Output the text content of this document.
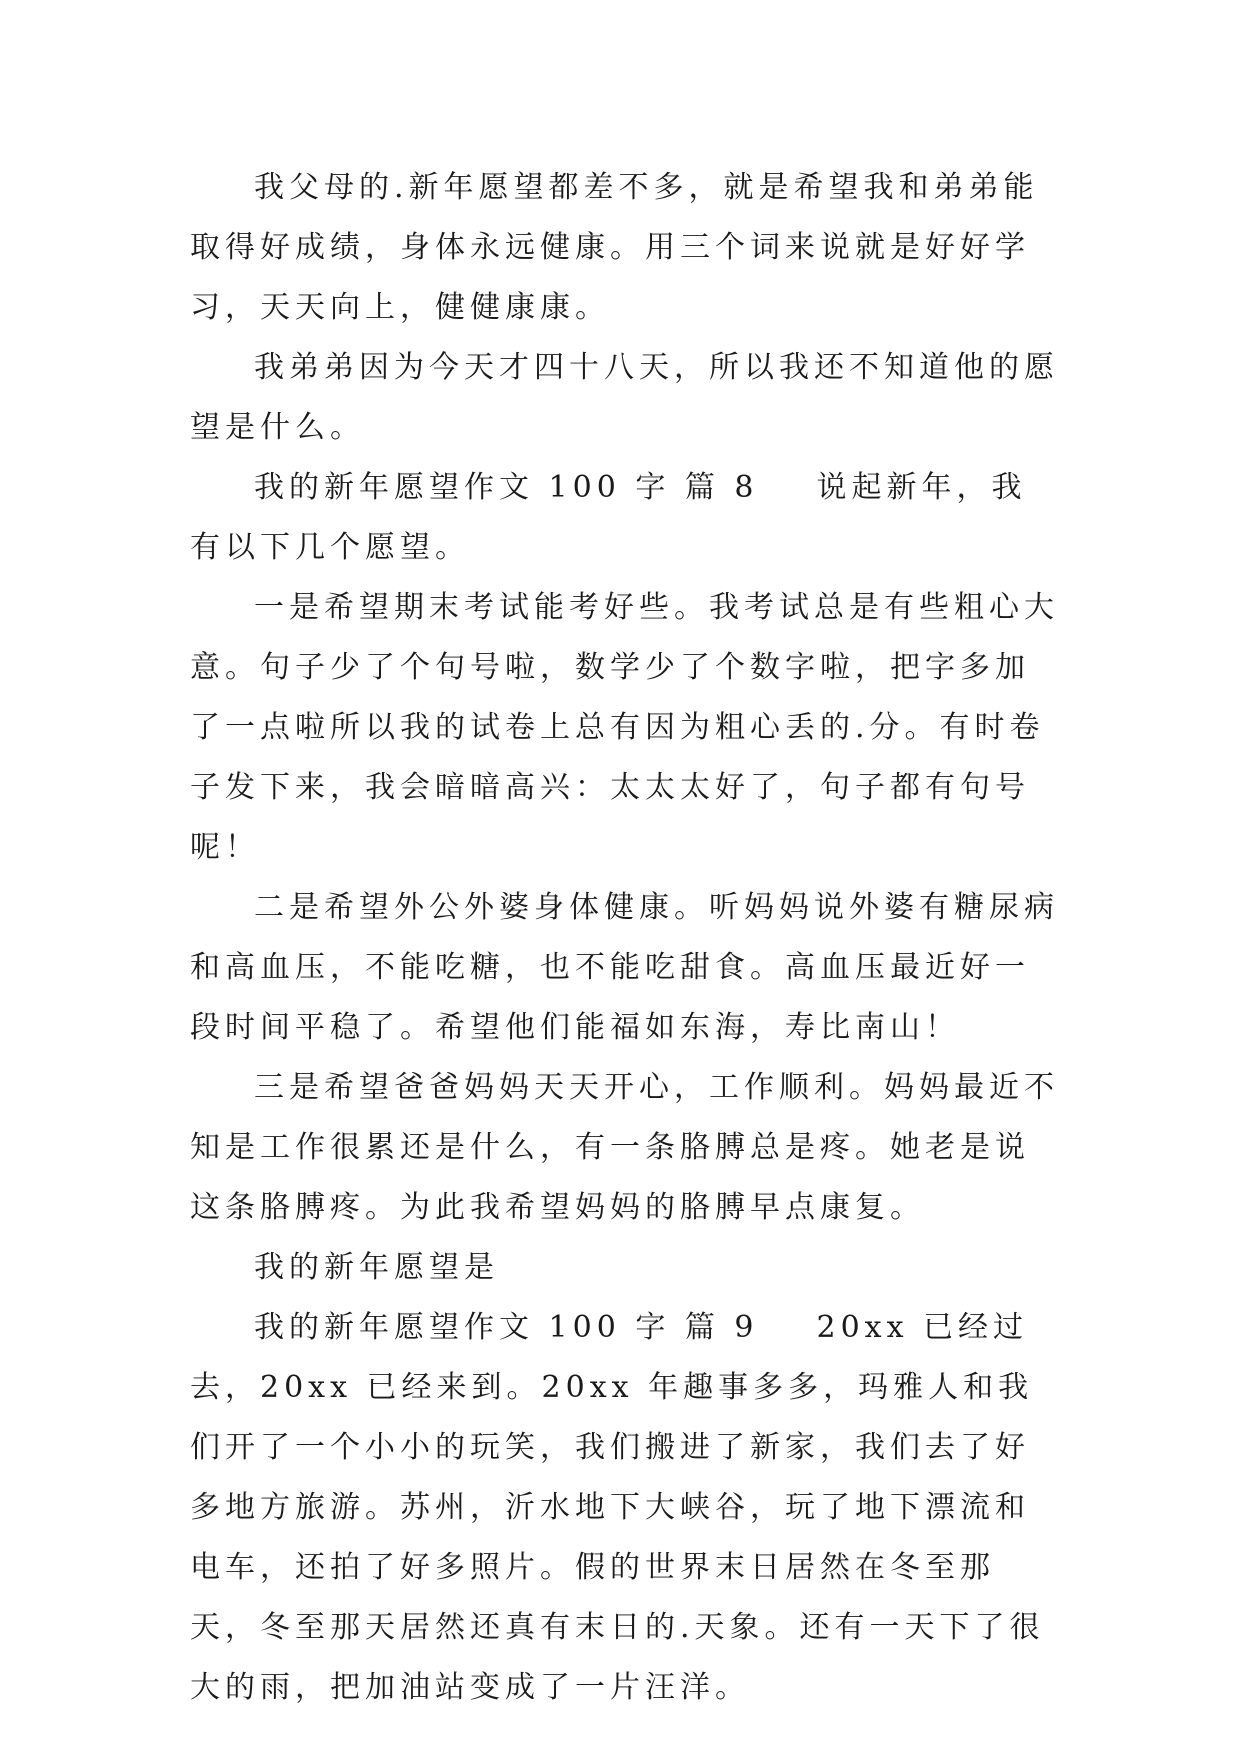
我父母的.新年愿望都差不多，就是希望我和弟弟能取得好成绩，身体永远健康。用三个词来说就是好好学习，天天向上，健健康康。

我弟弟因为今天才四十八天，所以我还不知道他的愿望是什么。

我的新年愿望作文 100 字 篇 8 说起新年，我有以下几个愿望。

一是希望期末考试能考好些。我考试总是有些粗心大意。句子少了个句号啦，数学少了个数字啦，把字多加了一点啦所以我的试卷上总有因为粗心丢的.分。有时卷子发下来，我会暗暗高兴：太太太好了，句子都有句号呢！

二是希望外公外婆身体健康。听妈妈说外婆有糖尿病和高血压，不能吃糖，也不能吃甜食。高血压最近好一段时间平稳了。希望他们能福如东海，寿比南山！

三是希望爸爸妈妈天天开心，工作顺利。妈妈最近不知是工作很累还是什么，有一条胳膊总是疼。她老是说这条胳膊疼。为此我希望妈妈的胳膊早点康复。

我的新年愿望是

我的新年愿望作文 100 字 篇 9 20xx 已经过去，20xx 已经来到。20xx 年趣事多多，玛雅人和我们开了一个小小的玩笑，我们搬进了新家，我们去了好多地方旅游。苏州，沂水地下大峡谷，玩了地下漂流和电车，还拍了好多照片。假的世界末日居然在冬至那天，冬至那天居然还真有末日的.天象。还有一天下了很大的雨，把加油站变成了一片汪洋。
